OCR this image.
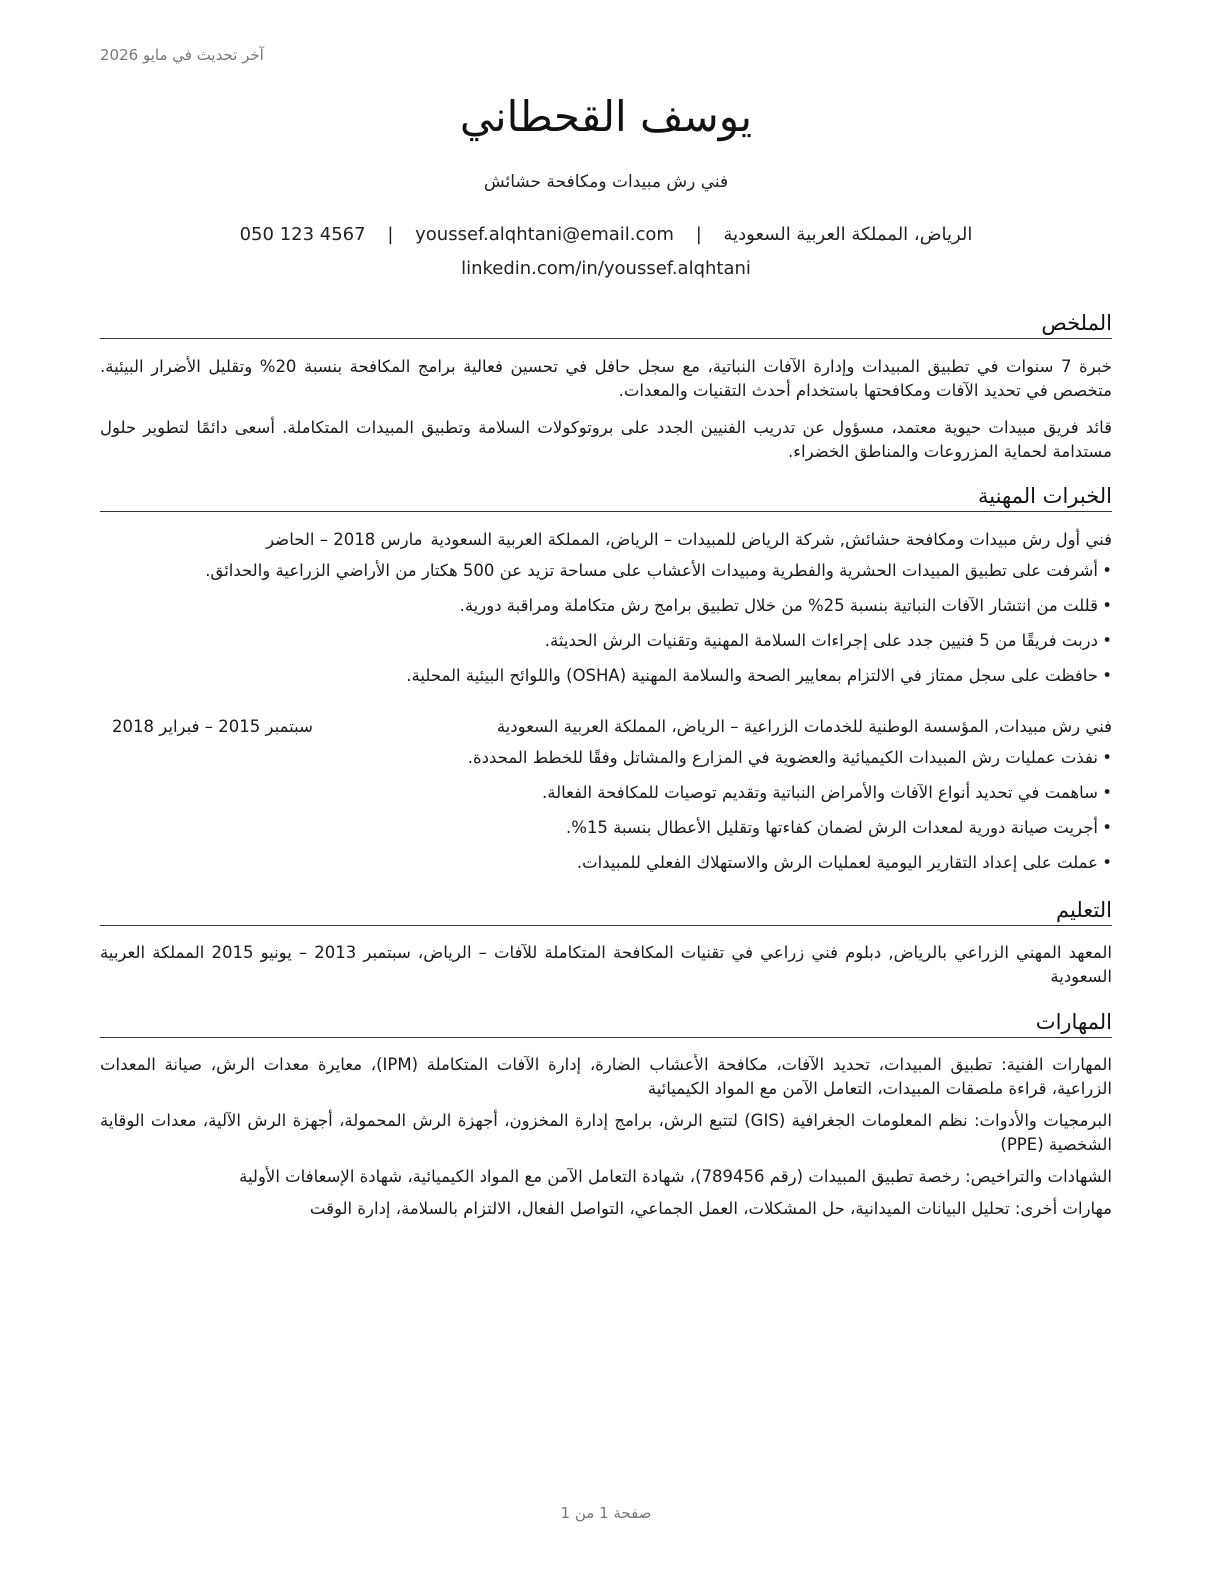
آخر تحديث في مايو 2026
يوسف القحطاني
فني رش مبيدات ومكافحة حشائش
الرياض، المملكة العربية السعودية | youssef.alqhtani@email.com | 050 123 4567
linkedin.com/in/youssef.alqhtani
الملخص
خبرة 7 سنوات في تطبيق المبيدات وإدارة الآفات النباتية، مع سجل حافل في تحسين فعالية برامج المكافحة بنسبة 20% وتقليل الأضرار البيئية. متخصص في تحديد الآفات ومكافحتها باستخدام أحدث التقنيات والمعدات.
قائد فريق مبيدات حيوية معتمد، مسؤول عن تدريب الفنيين الجدد على بروتوكولات السلامة وتطبيق المبيدات المتكاملة. أسعى دائمًا لتطوير حلول مستدامة لحماية المزروعات والمناطق الخضراء.
الخبرات المهنية
فني أول رش مبيدات ومكافحة حشائش, شركة الرياض للمبيدات – الرياض، المملكة العربية السعودية
مارس 2018 – الحاضر
• أشرفت على تطبيق المبيدات الحشرية والفطرية ومبيدات الأعشاب على مساحة تزيد عن 500 هكتار من الأراضي الزراعية والحدائق.
• قللت من انتشار الآفات النباتية بنسبة 25% من خلال تطبيق برامج رش متكاملة ومراقبة دورية.
• دربت فريقًا من 5 فنيين جدد على إجراءات السلامة المهنية وتقنيات الرش الحديثة.
• حافظت على سجل ممتاز في الالتزام بمعايير الصحة والسلامة المهنية (OSHA) واللوائح البيئية المحلية.
فني رش مبيدات, المؤسسة الوطنية للخدمات الزراعية – الرياض، المملكة العربية السعودية
سبتمبر 2015 – فبراير 2018
• نفذت عمليات رش المبيدات الكيميائية والعضوية في المزارع والمشاتل وفقًا للخطط المحددة.
• ساهمت في تحديد أنواع الآفات والأمراض النباتية وتقديم توصيات للمكافحة الفعالة.
• أجريت صيانة دورية لمعدات الرش لضمان كفاءتها وتقليل الأعطال بنسبة 15%.
• عملت على إعداد التقارير اليومية لعمليات الرش والاستهلاك الفعلي للمبيدات.
التعليم
المعهد المهني الزراعي بالرياض, دبلوم فني زراعي في تقنيات المكافحة المتكاملة للآفات – الرياض، سبتمبر 2013 – يونيو 2015 المملكة العربية السعودية
المهارات
المهارات الفنية: تطبيق المبيدات، تحديد الآفات، مكافحة الأعشاب الضارة، إدارة الآفات المتكاملة (IPM)، معايرة معدات الرش، صيانة المعدات الزراعية، قراءة ملصقات المبيدات، التعامل الآمن مع المواد الكيميائية
البرمجيات والأدوات: نظم المعلومات الجغرافية (GIS) لتتبع الرش، برامج إدارة المخزون، أجهزة الرش المحمولة، أجهزة الرش الآلية، معدات الوقاية الشخصية (PPE)
الشهادات والتراخيص: رخصة تطبيق المبيدات (رقم 789456)، شهادة التعامل الآمن مع المواد الكيميائية، شهادة الإسعافات الأولية
مهارات أخرى: تحليل البيانات الميدانية، حل المشكلات، العمل الجماعي، التواصل الفعال، الالتزام بالسلامة، إدارة الوقت
صفحة 1 من 1
